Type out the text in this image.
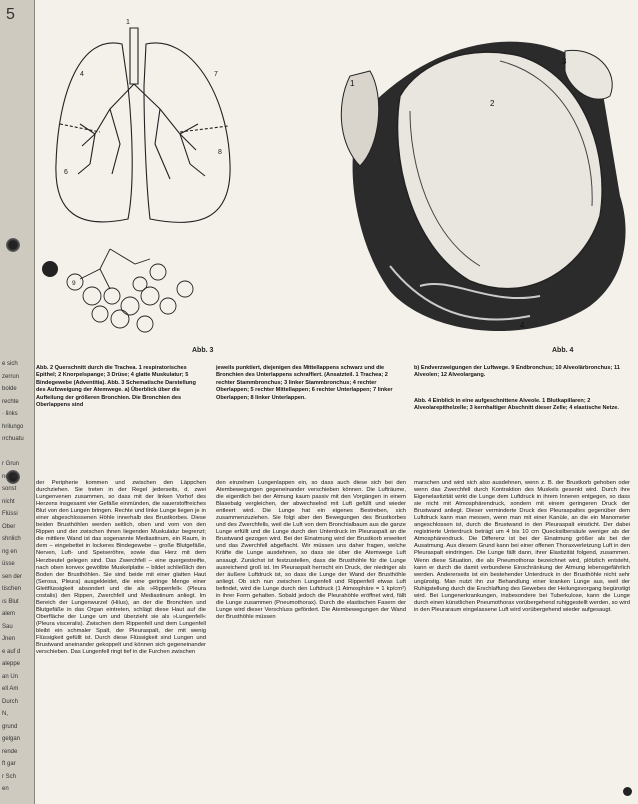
5
e sich
zerrun
bolde
rechte
· links
hrilungo
ırchuatu
r Grun
ndt sic
sonst
nicht
Flüssi
Ober
shnlich
ng en
üsse
sen der
tischen
ıs Blut
alem
Sau
Jnen
e auf d
aleppe
an Un
ell Am
Durch
N,
grund
gelgan
rende
ft gar
r Sch
en
1
4	7
6
8
9
Abb. 3
1
2
3
4
Abb. 4
Abb. 2 Querschnitt durch die Trachea. 1 respiratorisches Epithel; 2 Knorpelspange; 3 Drüse; 4 glatte Muskulatur; 5 Bindegewebe (Adventitia). Abb. 3 Schematische Darstellung des Aufzweigung der Atemwege. a) Überblick über die Aufteilung der größeren Bronchien. Die Bronchien des Oberlappens sind
jeweils punktiert, diejenigen des Mittellappens schwarz und die Bronchien des Unterlappens schraffiert. (Ansatzteil. 1 Trachea; 2 rechter Stammbronchus; 3 linker Stammbronchus; 4 rechter Oberlappen; 5 rechter Mittellappen; 6 rechter Unterlappen; 7 linker Oberlappen; 8 linker Unterlappen.
b) Endverzweigungen der Luftwege. 9 Endbronchus; 10 Alveolärbronchus; 11 Alveolen; 12 Alveolargang.
Abb. 4 Einblick in eine aufgeschnittene Alveole. 1 Blutkapillaren; 2 Alveolarepithelzelle; 3 kernhaltiger Abschnitt dieser Zelle; 4 elastische Netze.

der Peripherie kommen und zwischen den Läppchen durchziehen. Sie treten in der Regel jederseits, d. zwei Lungenvenen zusammen, so dass mit der linken Vorhof des Herzens insgesamt vier Gefäße einmünden, die sauerstoffreiches Blut von den Lungen bringen. Rechte und linke Lunge liegen je in einer abgeschlossenen Höhle innerhalb des Brustkorbes. Diese beiden Brusthöhlen werden seitlich, oben und vorn von den Rippen und der zwischen ihnen liegenden Muskulatur begrenzt; die mittlere Wand ist das sogenannte Mediastinum, ein Raum, in dem – eingebettet in lockeres Bindegewebe – große Blutgefäße, Nerven, Luft- und Speiseröhre, sowie das Herz mit dem Herzbeutel gelegen sind. Das Zwerchfell – eine quergestreifte, nach oben konvex gewölbte Muskelplatte – bildet schließlich den Boden der Brusthöhlen. Sie sind beide mit einer glatten Haut (Serosa, Pleura) ausgekleidet, die eine geringe Menge einer Gleitflüssigkeit absondert und die als »Rippenfell« (Pleura costalis) den Rippen, Zwerchfell und Mediastinum anliegt. Im Bereich der Lungenwurzel (Hilus), an der die Bronchien und Blutgefäße in das Organ eintreten, schlägt diese Haut auf die Oberfläche der Lunge um und überzieht sie als »Lungenfell« (Pleura visceralis). Zwischen dem Rippenfell und dem Lungenfell bleibt ein schmaler Spalt, der Pleuraspalt, der mit wenig Flüssigkeit gefüllt ist. Durch diese Flüssigkeit sind Lungen und Brustwand aneinander gekoppelt und können sich gegeneinander verschieben. Das Lungenfell ringt tief in die Furchen zwischen

den einzelnen Lungenlappen ein, so dass auch diese sich bei den Atembewegungen gegeneinander verschieben können. Die Lufträume, die eigentlich bei der Atmung kaum passiv mit den Vorgängen in einem Blasebalg vergleichen, der abwechselnd mit Luft gefüllt und wieder entleert wird. Die Lunge hat ein eigenes Bestreben, sich zusammenzuziehen. Sie folgt aber den Bewegungen des Brustkorbes und des Zwerchfells, weil die Luft von dem Bronchialbaum aus die ganze Lunge erfüllt und die Lunge durch den Unterdruck im Pleuraspalt an die Brustwand gezogen wird. Bei der Einatmung wird der Brustkorb erweitert und das Zwerchfell abgeflacht. Wir müssen uns daher fragen, welche Kräfte die Lunge ausdehnen, so dass sie über die Atemwege Luft ansaugt. Zunächst ist festzustellen, dass die Brusthöhle für die Lunge ausreichend groß ist. Im Pleuraspalt herrscht ein Druck, der niedriger als der äußere Luftdruck ist, so dass die Lunge der Wand der Brusthöhle anliegt. Ob sich nun zwischen Lungenfell und Rippenfell etwas Luft befindet, wird die Lunge durch den Luftdruck (1 Atmosphäre = 1 kp/cm²) in ihrer Form gehalten. Sobald jedoch die Pleurahöhle eröffnet wird, fällt die Lunge zusammen (Pneumothorax). Durch die elastischen Fasern der Lunge wird dieser Verschluss gefördert. Die Atembewegungen der Wand der Brusthöhle müssen

marschen und wird sich also ausdehnen, wenn z. B. der Brustkorb gehoben oder wenn das Zwerchfell durch Kontraktion des Muskels gesenkt wird. Durch ihre Eigenelastizität wirkt die Lunge dem Luftdruck in ihrem Inneren entgegen, so dass sie nicht mit Atmosphärendruck, sondern mit einem geringeren Druck der Brustwand anliegt. Dieser verminderte Druck des Pleuraspaltes gegenüber dem Luftdruck kann man messen, wenn man mit einer Kanüle, an die ein Manometer angeschlossen ist, durch die Brustwand in den Pleuraspalt einsticht. Der dabei registrierte Unterdruck beträgt um 4 bis 10 cm Quecksilbersäule weniger als der Atmosphärendruck. Die Differenz ist bei der Einatmung größer als bei der Ausatmung. Aus diesem Grund kann bei einer offenen Thoraxverletzung Luft in den Pleuraspalt eindringen. Die Lunge fällt dann, ihrer Elastizität folgend, zusammen. Wenn diese Situation, die als Pneumothorax bezeichnet wird, plötzlich entsteht, kann er durch die damit verbundene Einschränkung der Atmung lebensgefährlich werden. Andererseits ist ein bestehender Unterdruck in der Brusthöhle nicht sehr ungünstig. Man nutzt ihn zur Behandlung einer kranken Lunge aus, weil der Ruhigstellung durch die Erschlaffung des Gewebes der Heilungsvorgang begünstigt wird. Bei Lungenerkrankungen, insbesondere bei Tuberkulose, kann die Lunge durch einen künstlichen Pneumothorax vorübergehend ruhiggestellt werden, so wird in den Pleuraraum eingelassene Luft wird vorübergehend wieder aufgesaugt.
